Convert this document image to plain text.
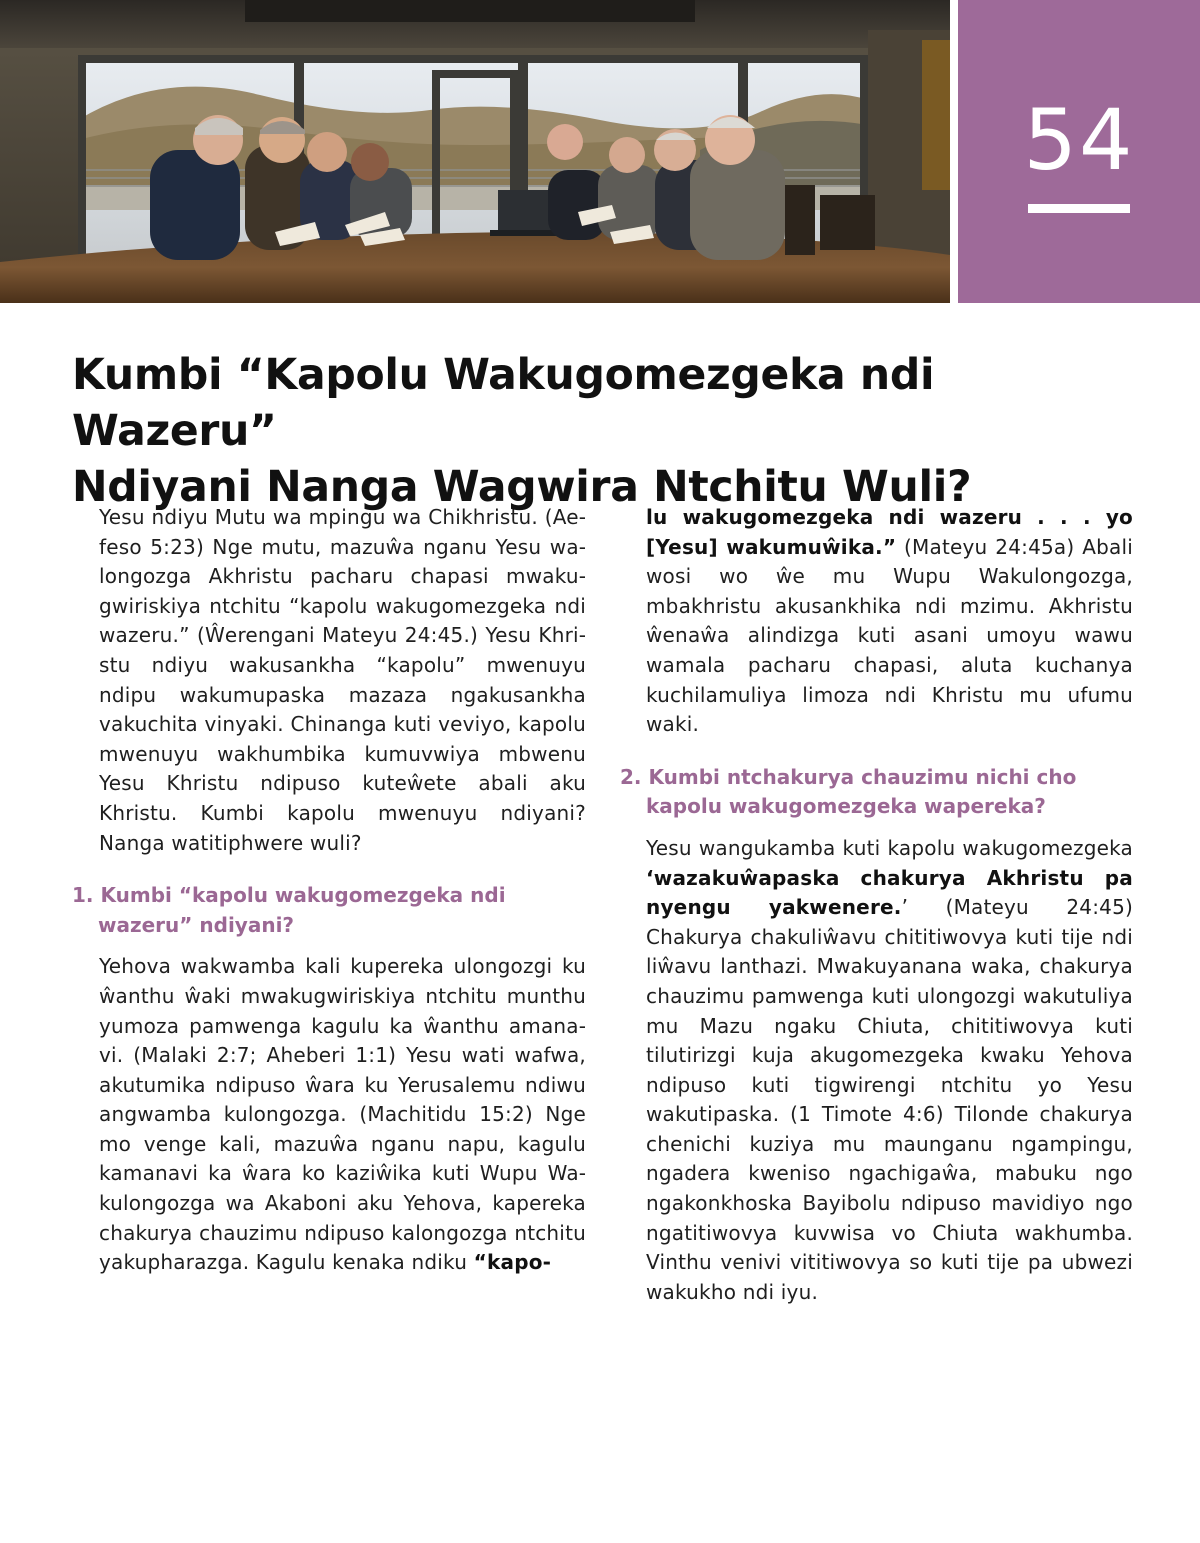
54
Kumbi “Kapolu Wakugomezgeka ndi Wazeru”
Ndiyani Nanga Wagwira Ntchitu Wuli?

Yesu ndiyu Mutu wa mpingu wa Chikhristu. (Aefeso 5:23) Nge mutu, mazuŵa nganu Yesu walongozga Akhristu pacharu chapasi mwakugwiriskiya ntchitu “kapolu wakugomezgeka ndi wazeru.” (Ŵerengani Mateyu 24:45.) Yesu Khristu ndiyu wakusankha “kapolu” mwenuyu ndipu wakumupaska mazaza ngakusankha vakuchita vinyaki. Chinanga kuti veviyo, kapolu mwenuyu wakhumbika kumuvwiya mbwenu Yesu Khristu ndipuso kuteŵete abali aku Khristu. Kumbi kapolu mwenuyu ndiyani? Nanga watitiphwere wuli?

1. Kumbi “kapolu wakugomezgeka ndi wazeru” ndiyani?

Yehova wakwamba kali kupereka ulongozgi ku ŵanthu ŵaki mwakugwiriskiya ntchitu munthu yumoza pamwenga kagulu ka ŵanthu amanavi. (Malaki 2:7; Aheberi 1:1) Yesu wati wafwa, akutumika ndipuso ŵara ku Yerusalemu ndiwu angwamba kulongozga. (Machitidu 15:2) Nge mo venge kali, mazuŵa nganu napu, kagulu kamanavi ka ŵara ko kaziŵika kuti Wupu Wakulongozga wa Akaboni aku Yehova, kapereka chakurya chauzimu ndipuso kalongozga ntchitu yakupharazga. Kagulu kenaka ndiku “kapo-

lu wakugomezgeka ndi wazeru . . . yo [Yesu] wakumuŵika.” (Mateyu 24:45a) Abali wosi wo ŵe mu Wupu Wakulongozga, mbakhristu akusankhika ndi mzimu. Akhristu ŵenaŵa alindizga kuti asani umoyu wawu wamala pacharu chapasi, aluta kuchanya kuchilamuliya limoza ndi Khristu mu ufumu waki.

2. Kumbi ntchakurya chauzimu nichi cho kapolu wakugomezgeka wapereka?

Yesu wangukamba kuti kapolu wakugomezgeka ‘wazakuŵapaska chakurya Akhristu pa nyengu yakwenere.’ (Mateyu 24:45) Chakurya chakuliŵavu chititiwovya kuti tije ndi liŵavu lanthazi. Mwakuyanana waka, chakurya chauzimu pamwenga kuti ulongozgi wakutuliya mu Mazu ngaku Chiuta, chititiwovya kuti tilutirizgi kuja akugomezgeka kwaku Yehova ndipuso kuti tigwirengi ntchitu yo Yesu wakutipaska. (1 Timote 4:6) Tilonde chakurya chenichi kuziya mu maunganu ngampingu, ngadera kweniso ngachigaŵa, mabuku ngo ngakonkhoska Bayibolu ndipuso mavidiyo ngo ngatitiwovya kuvwisa vo Chiuta wakhumba. Vinthu venivi vititiwovya so kuti tije pa ubwezi wakukho ndi iyu.
